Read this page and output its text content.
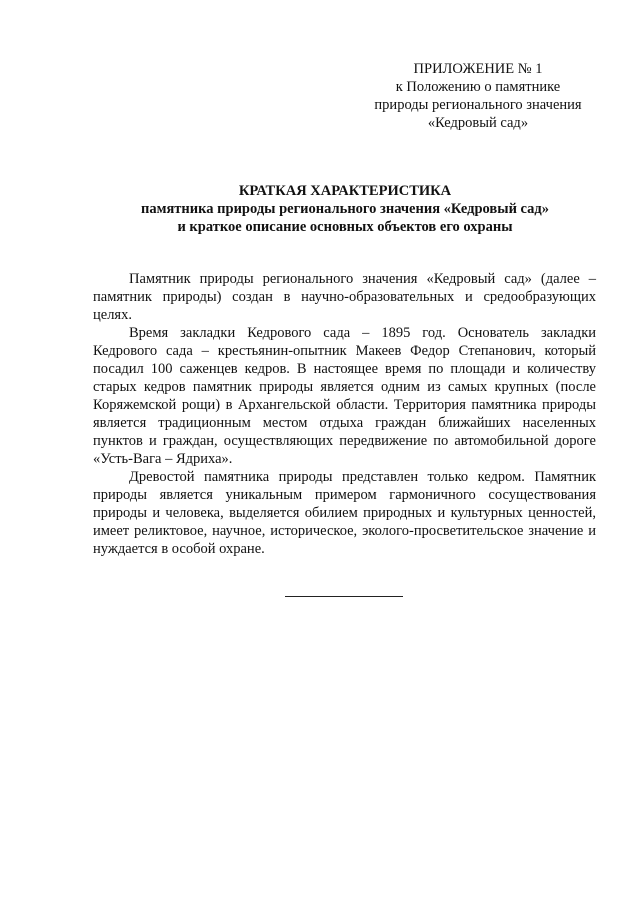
ПРИЛОЖЕНИЕ № 1
к Положению о памятнике
природы регионального значения
«Кедровый сад»
КРАТКАЯ ХАРАКТЕРИСТИКА
памятника природы регионального значения «Кедровый сад»
и краткое описание основных объектов его охраны

Памятник природы регионального значения «Кедровый сад» (далее – памятник природы) создан в научно-образовательных и средообразующих целях.

Время закладки Кедрового сада – 1895 год. Основатель закладки Кедрового сада – крестьянин-опытник Макеев Федор Степанович, который посадил 100 саженцев кедров. В настоящее время по площади и количеству старых кедров памятник природы является одним из самых крупных (после Коряжемской рощи) в Архангельской области. Территория памятника природы является традиционным местом отдыха граждан ближайших населенных пунктов и граждан, осуществляющих передвижение по автомобильной дороге «Усть-Вага – Ядриха».

Древостой памятника природы представлен только кедром. Памятник природы является уникальным примером гармоничного сосуществования природы и человека, выделяется обилием природных и культурных ценностей, имеет реликтовое, научное, историческое, эколого-просветительское значение и нуждается в особой охране.
